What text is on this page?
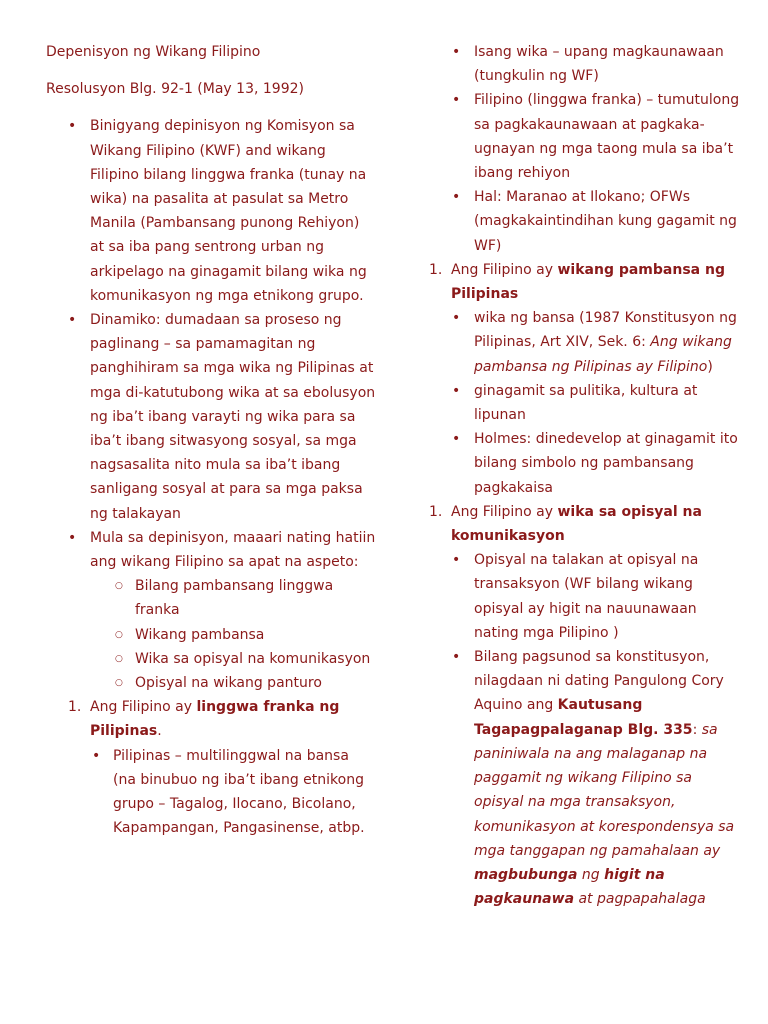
Depenisyon ng Wikang Filipino

Resolusyon Blg. 92-1 (May 13, 1992)

• Binigyang depinisyon ng Komisyon sa Wikang Filipino (KWF) and wikang Filipino bilang linggwa franka (tunay na wika) na pasalita at pasulat sa Metro Manila (Pambansang punong Rehiyon) at sa iba pang sentrong urban ng arkipelago na ginagamit bilang wika ng komunikasyon ng mga etnikong grupo.
• Dinamiko: dumadaan sa proseso ng paglinang – sa pamamagitan ng panghihiram sa mga wika ng Pilipinas at mga di-katutubong wika at sa ebolusyon ng iba’t ibang varayti ng wika para sa iba’t ibang sitwasyong sosyal, sa mga nagsasalita nito mula sa iba’t ibang sanligang sosyal at para sa mga paksa ng talakayan
• Mula sa depinisyon, maaari nating hatiin ang wikang Filipino sa apat na aspeto:
○ Bilang pambansang linggwa franka
○ Wikang pambansa
○ Wika sa opisyal na komunikasyon
○ Opisyal na wikang panturo
1. Ang Filipino ay linggwa franka ng Pilipinas.
• Pilipinas – multilinggwal na bansa (na binubuo ng iba’t ibang etnikong grupo – Tagalog, Ilocano, Bicolano, Kapampangan, Pangasinense, atbp.
• Isang wika – upang magkaunawaan (tungkulin ng WF)
• Filipino (linggwa franka) – tumutulong sa pagkakaunawaan at pagkaka-ugnayan ng mga taong mula sa iba’t ibang rehiyon
• Hal: Maranao at Ilokano; OFWs (magkakaintindihan kung gagamit ng WF)
1. Ang Filipino ay wikang pambansa ng Pilipinas
• wika ng bansa (1987 Konstitusyon ng Pilipinas, Art XIV, Sek. 6: Ang wikang pambansa ng Pilipinas ay Filipino)
• ginagamit sa pulitika, kultura at lipunan
• Holmes: dinedevelop at ginagamit ito bilang simbolo ng pambansang pagkakaisa
1. Ang Filipino ay wika sa opisyal na komunikasyon
• Opisyal na talakan at opisyal na transaksyon (WF bilang wikang opisyal ay higit na nauunawaan nating mga Pilipino )
• Bilang pagsunod sa konstitusyon, nilagdaan ni dating Pangulong Cory Aquino ang Kautusang Tagapagpalaganap Blg. 335: sa paniniwala na ang malaganap na paggamit ng wikang Filipino sa opisyal na mga transaksyon, komunikasyon at korespondensya sa mga tanggapan ng pamahalaan ay magbubunga ng higit na pagkaunawa at pagpapahalaga
